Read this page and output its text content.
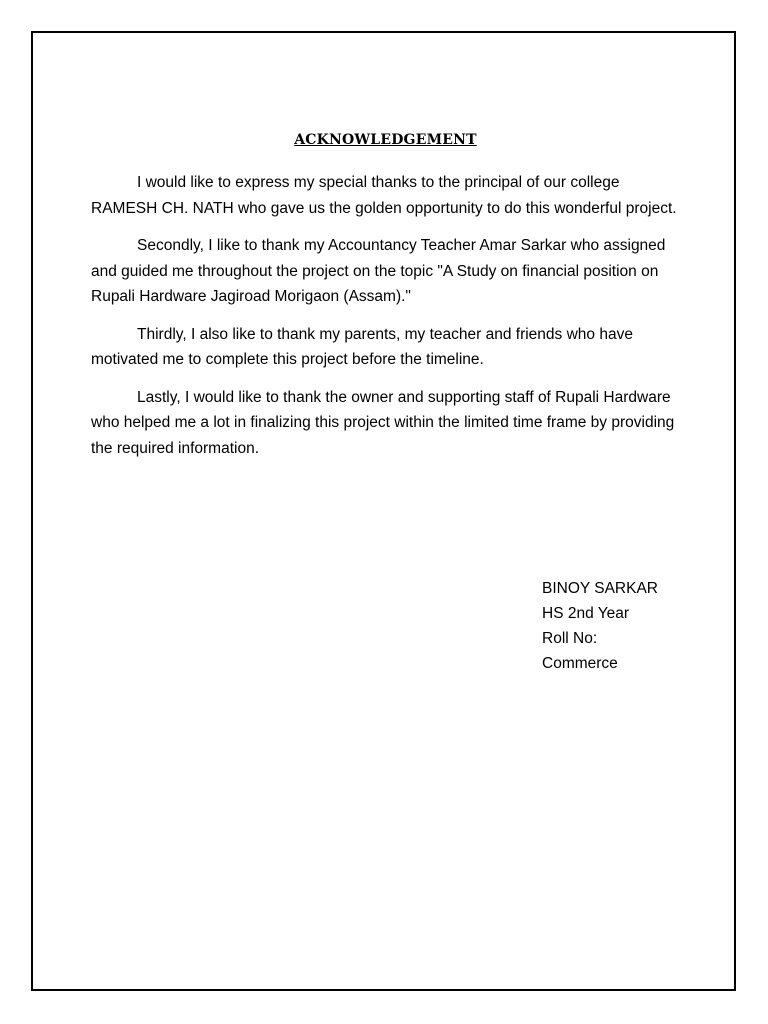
ACKNOWLEDGEMENT

I would like to express my special thanks to the principal of our college RAMESH CH. NATH who gave us the golden opportunity to do this wonderful project.

Secondly, I like to thank my Accountancy Teacher Amar Sarkar who assigned and guided me throughout the project on the topic "A Study on financial position on Rupali Hardware Jagiroad Morigaon (Assam)."

Thirdly, I also like to thank my parents, my teacher and friends who have motivated me to complete this project before the timeline.

Lastly, I would like to thank the owner and supporting staff of Rupali Hardware who helped me a lot in finalizing this project within the limited time frame by providing the required information.

BINOY SARKAR
HS 2nd Year
Roll No:
Commerce
